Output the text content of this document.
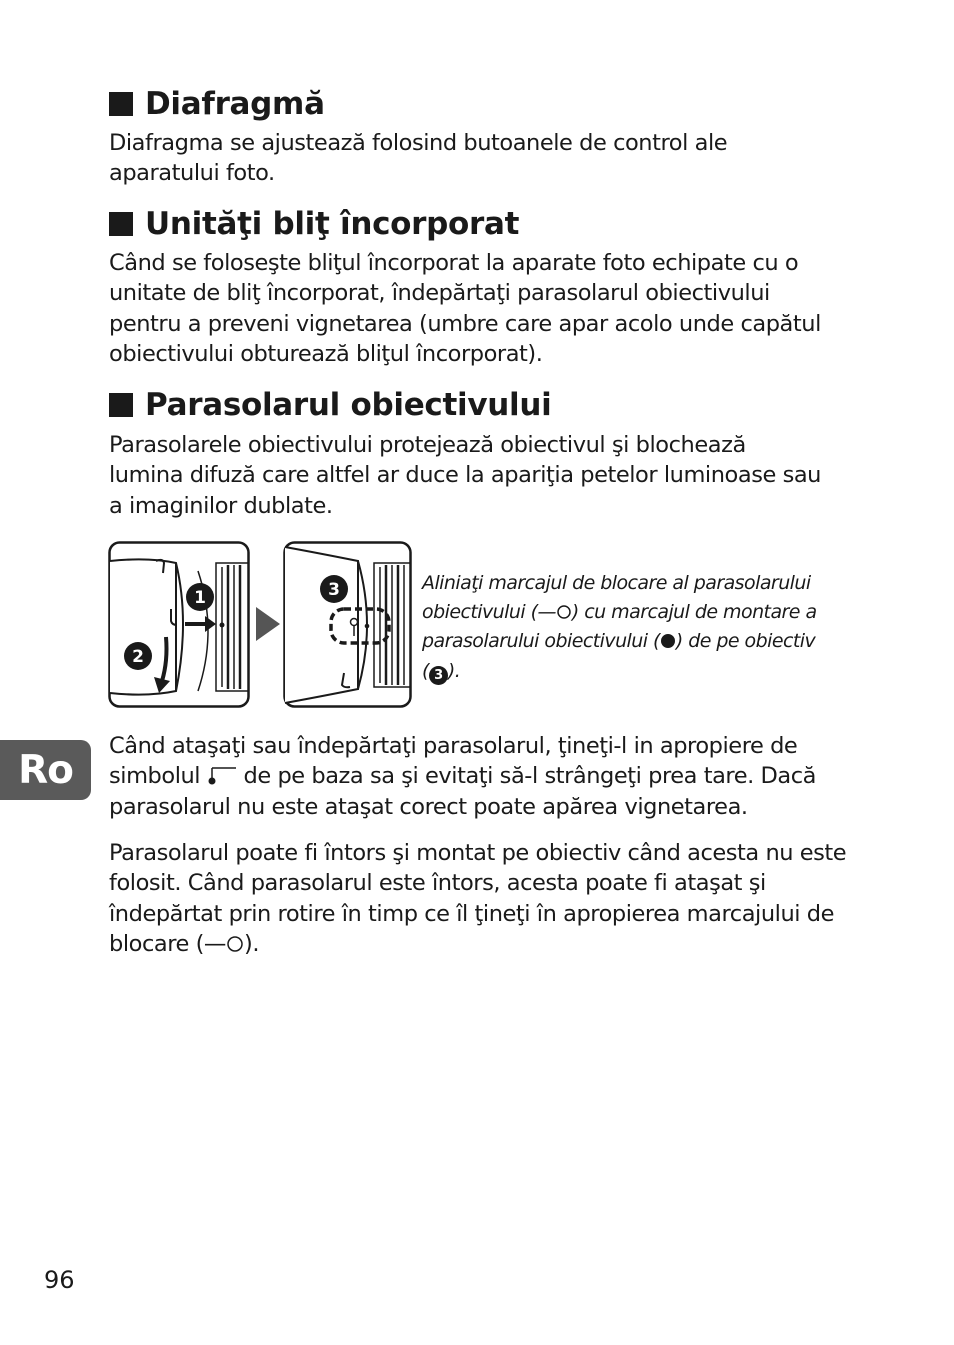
Diafragmă

Diafragma se ajustează folosind butoanele de control ale
aparatului foto.

Unităţi bliţ încorporat

Când se foloseşte bliţul încorporat la aparate foto echipate cu o
unitate de bliţ încorporat, îndepărtaţi parasolarul obiectivului
pentru a preveni vignetarea (umbre care apar acolo unde capătul
obiectivului obturează bliţul încorporat).

Parasolarul obiectivului

Parasolarele obiectivului protejează obiectivul şi blochează
lumina difuză care altfel ar duce la apariţia petelor luminoase sau
a imaginilor dublate.

1
2
3	Aliniaţi marcajul de blocare al parasolarului
obiectivului (— ) cu marcajul de montare a
parasolarului obiectivului ( ) de pe obiectiv
( 3 ).
Ro

Când ataşaţi sau îndepărtaţi parasolarul, ţineţi-l in apropiere de
simbolul de pe baza sa şi evitaţi să-l strângeţi prea tare. Dacă
parasolarul nu este ataşat corect poate apărea vignetarea.

Parasolarul poate fi întors şi montat pe obiectiv când acesta nu este
folosit. Când parasolarul este întors, acesta poate fi ataşat şi
îndepărtat prin rotire în timp ce îl ţineţi în apropierea marcajului de
blocare (— ).

96
